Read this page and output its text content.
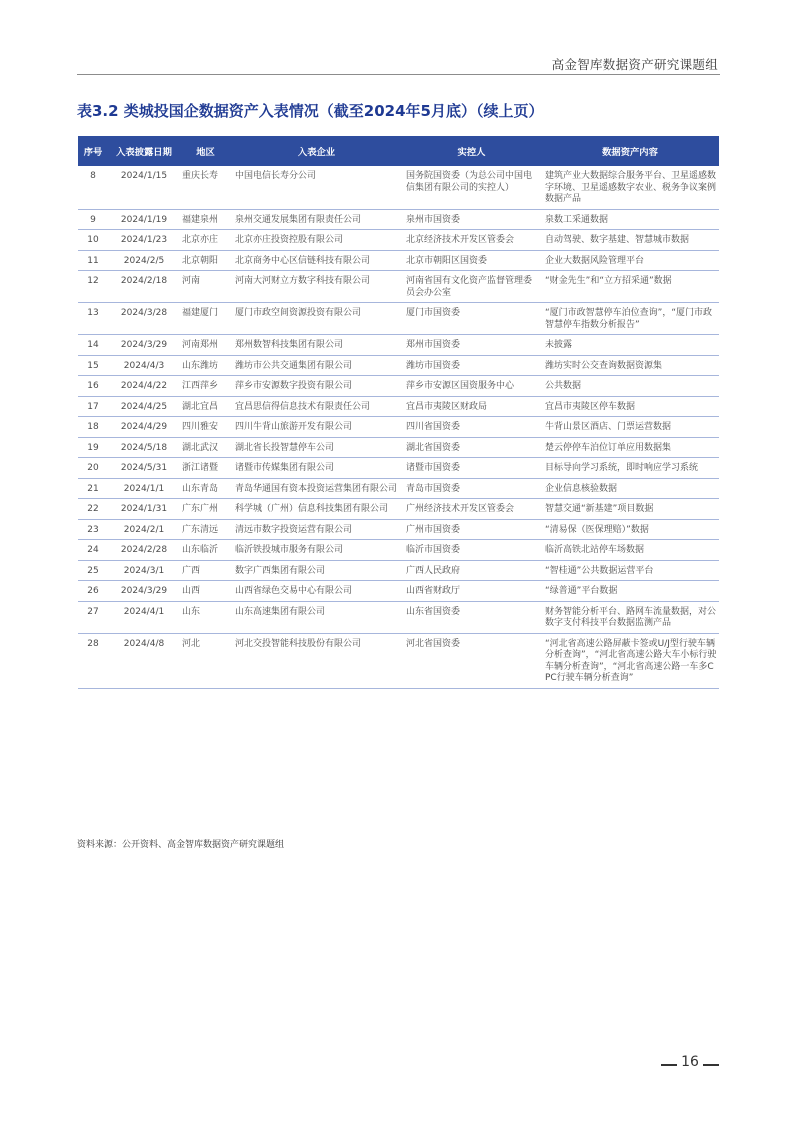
高金智库数据资产研究课题组
表3.2 类城投国企数据资产入表情况（截至2024年5月底）（续上页）
序号	入表披露日期	地区	入表企业	实控人	数据资产内容
8	2024/1/15	重庆长寿	中国电信长寿分公司	国务院国资委（为总公司中国电信集团有限公司的实控人）	建筑产业大数据综合服务平台、卫星遥感数字环境、卫星遥感数字农业、税务争议案例数据产品
9	2024/1/19	福建泉州	泉州交通发展集团有限责任公司	泉州市国资委	泉数工采通数据
10	2024/1/23	北京亦庄	北京亦庄投资控股有限公司	北京经济技术开发区管委会	自动驾驶、数字基建、智慧城市数据
11	2024/2/5	北京朝阳	北京商务中心区信链科技有限公司	北京市朝阳区国资委	企业大数据风险管理平台
12	2024/2/18	河南	河南大河财立方数字科技有限公司	河南省国有文化资产监督管理委员会办公室	“财金先生”和“立方招采通”数据
13	2024/3/28	福建厦门	厦门市政空间资源投资有限公司	厦门市国资委	“厦门市政智慧停车泊位查询”，“厦门市政智慧停车指数分析报告”
14	2024/3/29	河南郑州	郑州数智科技集团有限公司	郑州市国资委	未披露
15	2024/4/3	山东潍坊	潍坊市公共交通集团有限公司	潍坊市国资委	潍坊实时公交查询数据资源集
16	2024/4/22	江西萍乡	萍乡市安源数字投资有限公司	萍乡市安源区国资服务中心	公共数据
17	2024/4/25	湖北宜昌	宜昌思信得信息技术有限责任公司	宜昌市夷陵区财政局	宜昌市夷陵区停车数据
18	2024/4/29	四川雅安	四川牛背山旅游开发有限公司	四川省国资委	牛背山景区酒店、门票运营数据
19	2024/5/18	湖北武汉	湖北省长投智慧停车公司	湖北省国资委	楚云停停车泊位订单应用数据集
20	2024/5/31	浙江诸暨	诸暨市传媒集团有限公司	诸暨市国资委	目标导向学习系统，即时响应学习系统
21	2024/1/1	山东青岛	青岛华通国有资本投资运营集团有限公司	青岛市国资委	企业信息核验数据
22	2024/1/31	广东广州	科学城（广州）信息科技集团有限公司	广州经济技术开发区管委会	智慧交通“新基建”项目数据
23	2024/2/1	广东清远	清远市数字投资运营有限公司	广州市国资委	“清易保（医保理赔）”数据
24	2024/2/28	山东临沂	临沂铁投城市服务有限公司	临沂市国资委	临沂高铁北站停车场数据
25	2024/3/1	广西	数字广西集团有限公司	广西人民政府	“智桂通”公共数据运营平台
26	2024/3/29	山西	山西省绿色交易中心有限公司	山西省财政厅	“绿普通”平台数据
27	2024/4/1	山东	山东高速集团有限公司	山东省国资委	财务智能分析平台、路网车流量数据，对公数字支付科技平台数据监测产品
28	2024/4/8	河北	河北交投智能科技股份有限公司	河北省国资委	“河北省高速公路屏蔽卡签或U/J型行驶车辆分析查询”，“河北省高速公路大车小标行驶车辆分析查询”，“河北省高速公路一车多CPC行驶车辆分析查询”
资料来源：公开资料、高金智库数据资产研究课题组
16
